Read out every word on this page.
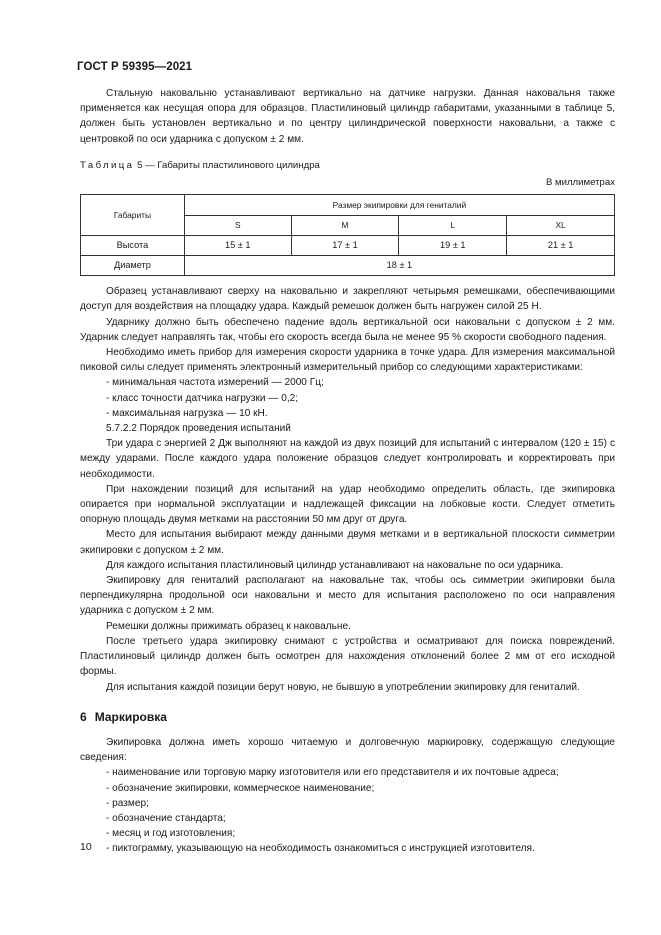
ГОСТ Р 59395—2021

Стальную наковальню устанавливают вертикально на датчике нагрузки. Данная наковальня также применяется как несущая опора для образцов. Пластилиновый цилиндр габаритами, указанными в таблице 5, должен быть установлен вертикально и по центру цилиндрической поверхности наковальни, а также с центровкой по оси ударника с допуском ± 2 мм.

Таблица 5 — Габариты пластилинового цилиндра

В миллиметрах

Габариты	Размер экипировки для гениталий			
	S	M	L	XL
Высота	15 ± 1	17 ± 1	19 ± 1	21 ± 1
Диаметр	18 ± 1			

Образец устанавливают сверху на наковальню и закрепляют четырьмя ремешками, обеспечивающими доступ для воздействия на площадку удара. Каждый ремешок должен быть нагружен силой 25 Н.

Ударнику должно быть обеспечено падение вдоль вертикальной оси наковальни с допуском ± 2 мм. Ударник следует направлять так, чтобы его скорость всегда была не менее 95 % скорости свободного падения.

Необходимо иметь прибор для измерения скорости ударника в точке удара. Для измерения максимальной пиковой силы следует применять электронный измерительный прибор со следующими характеристиками:

- минимальная частота измерений — 2000 Гц;

- класс точности датчика нагрузки — 0,2;

- максимальная нагрузка — 10 кН.

5.7.2.2 Порядок проведения испытаний

Три удара с энергией 2 Дж выполняют на каждой из двух позиций для испытаний с интервалом (120 ± 15) с между ударами. После каждого удара положение образцов следует контролировать и корректировать при необходимости.

При нахождении позиций для испытаний на удар необходимо определить область, где экипировка опирается при нормальной эксплуатации и надлежащей фиксации на лобковые кости. Следует отметить опорную площадь двумя метками на расстоянии 50 мм друг от друга.

Место для испытания выбирают между данными двумя метками и в вертикальной плоскости симметрии экипировки с допуском ± 2 мм.

Для каждого испытания пластилиновый цилиндр устанавливают на наковальне по оси ударника.

Экипировку для гениталий располагают на наковальне так, чтобы ось симметрии экипировки была перпендикулярна продольной оси наковальни и место для испытания расположено по оси направления ударника с допуском ± 2 мм.

Ремешки должны прижимать образец к наковальне.

После третьего удара экипировку снимают с устройства и осматривают для поиска повреждений. Пластилиновый цилиндр должен быть осмотрен для нахождения отклонений более 2 мм от его исходной формы.

Для испытания каждой позиции берут новую, не бывшую в употреблении экипировку для гениталий.

6 Маркировка

Экипировка должна иметь хорошо читаемую и долговечную маркировку, содержащую следующие сведения:

- наименование или торговую марку изготовителя или его представителя и их почтовые адреса;

- обозначение экипировки, коммерческое наименование;

- размер;

- обозначение стандарта;

- месяц и год изготовления;

- пиктограмму, указывающую на необходимость ознакомиться с инструкцией изготовителя.

10
